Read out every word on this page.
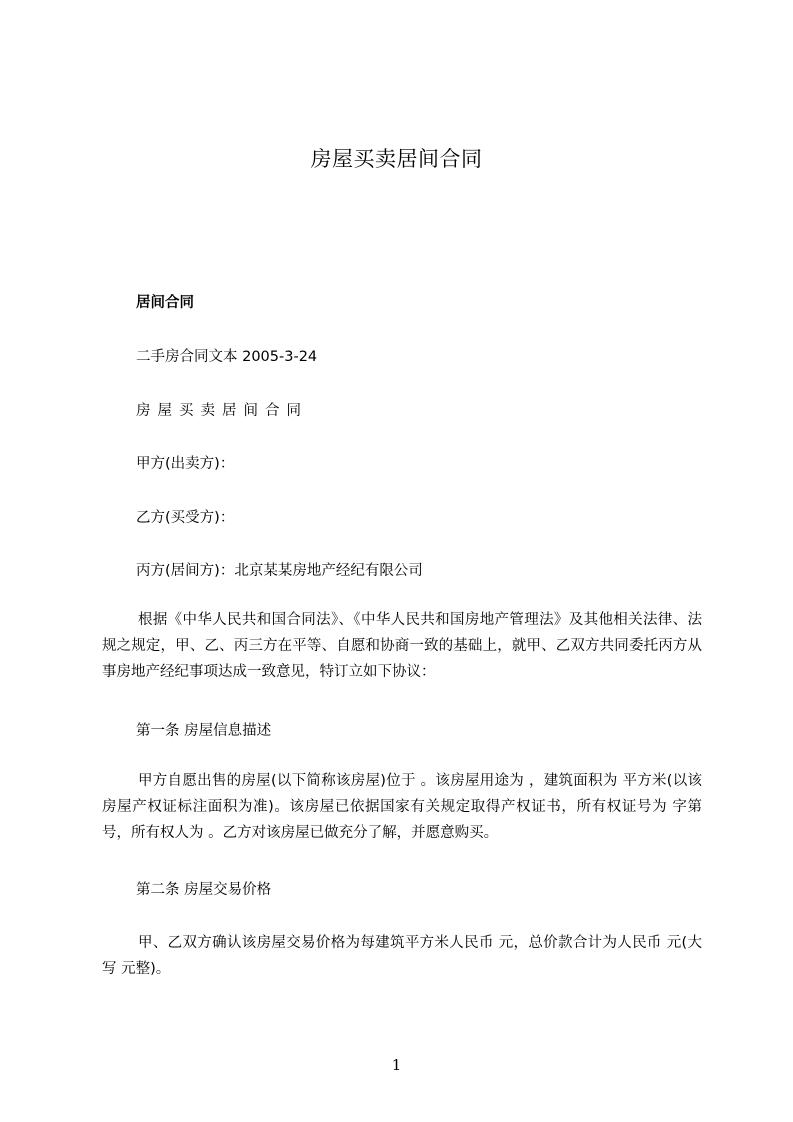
房屋买卖居间合同
居间合同
二手房合同文本 2005-3-24
房屋买卖居间合同
甲方(出卖方)：
乙方(买受方)：
丙方(居间方)：北京某某房地产经纪有限公司
根据《中华人民共和国合同法》、《中华人民共和国房地产管理法》及其他相关法律、法规之规定，甲、乙、丙三方在平等、自愿和协商一致的基础上，就甲、乙双方共同委托丙方从事房地产经纪事项达成一致意见，特订立如下协议：
第一条 房屋信息描述
甲方自愿出售的房屋(以下简称该房屋)位于 。该房屋用途为 ，建筑面积为 平方米(以该房屋产权证标注面积为准)。该房屋已依据国家有关规定取得产权证书，所有权证号为 字第 号，所有权人为 。乙方对该房屋已做充分了解，并愿意购买。
第二条 房屋交易价格
甲、乙双方确认该房屋交易价格为每建筑平方米人民币 元，总价款合计为人民币 元(大写 元整)。
1
